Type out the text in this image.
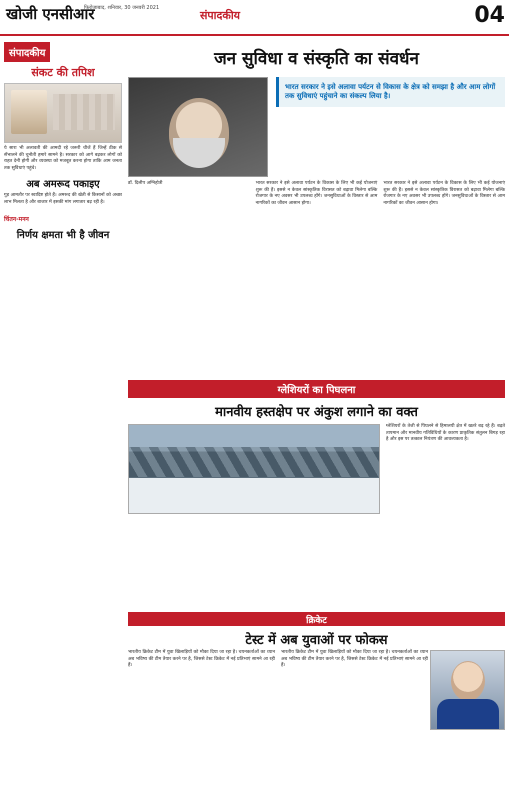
खोजी एनसीआर
फिरोजाबाद, शनिवार, 30 जनवरी 2021
संपादकीय	04
संपादकीय
संकट की तपिश
ये सारा भी अलावती की आमदी रहे जरूरी चीजें हैं जिन्हें ठीक से सँभालने की चुनौती हमारे सामने है। सरकार को आगे बढ़कर लोगों को राहत देनी होगी और व्यवस्था को मजबूत करना होगा ताकि आम जनता तक सुविधाएं पहुंचे।
अब अमरूद पकाइए
गुड़ आमतौर पर स्वादिष्ट होते हैं। अमरूद की खेती से किसानों को अच्छा लाभ मिलता है और बाजार में इसकी मांग लगातार बढ़ रही है।
चिंतन-मनन
निर्णय क्षमता भी है जीवन
जन सुविधा व संस्कृति का संवर्धन
भारत सरकार ने इसे अलावा पर्यटन से विकास के क्षेत्र को समझा है और आम लोगों तक सुविधाएं पहुंचाने का संकल्प लिया है।
डॉ. दिलीप अग्निहोत्री	भारत सरकार ने इसे अलावा पर्यटन के विकास के लिए भी कई योजनाएं शुरू की हैं। इससे न केवल सांस्कृतिक विरासत को बढ़ावा मिलेगा बल्कि रोजगार के नए अवसर भी उपलब्ध होंगे। जनसुविधाओं के विस्तार से आम नागरिकों का जीवन आसान होगा।
भारत सरकार ने इसे अलावा पर्यटन के विकास के लिए भी कई योजनाएं शुरू की हैं। इससे न केवल सांस्कृतिक विरासत को बढ़ावा मिलेगा बल्कि रोजगार के नए अवसर भी उपलब्ध होंगे। जनसुविधाओं के विस्तार से आम नागरिकों का जीवन आसान होगा।
ग्लेशियरों का पिघलना
मानवीय हस्तक्षेप पर अंकुश लगाने का वक्त
ग्लेशियरों के तेजी से पिघलने से हिमालयी क्षेत्र में खतरे बढ़ रहे हैं। बढ़ते तापमान और मानवीय गतिविधियों के कारण प्राकृतिक संतुलन बिगड़ रहा है और इस पर तत्काल नियंत्रण की आवश्यकता है।
क्रिकेट
टेस्ट में अब युवाओं पर फोकस
भारतीय क्रिकेट टीम में युवा खिलाड़ियों को मौका दिया जा रहा है। चयनकर्ताओं का ध्यान अब भविष्य की टीम तैयार करने पर है, जिससे टेस्ट क्रिकेट में नई प्रतिभाएं सामने आ रही हैं।
भारतीय क्रिकेट टीम में युवा खिलाड़ियों को मौका दिया जा रहा है। चयनकर्ताओं का ध्यान अब भविष्य की टीम तैयार करने पर है, जिससे टेस्ट क्रिकेट में नई प्रतिभाएं सामने आ रही हैं।
